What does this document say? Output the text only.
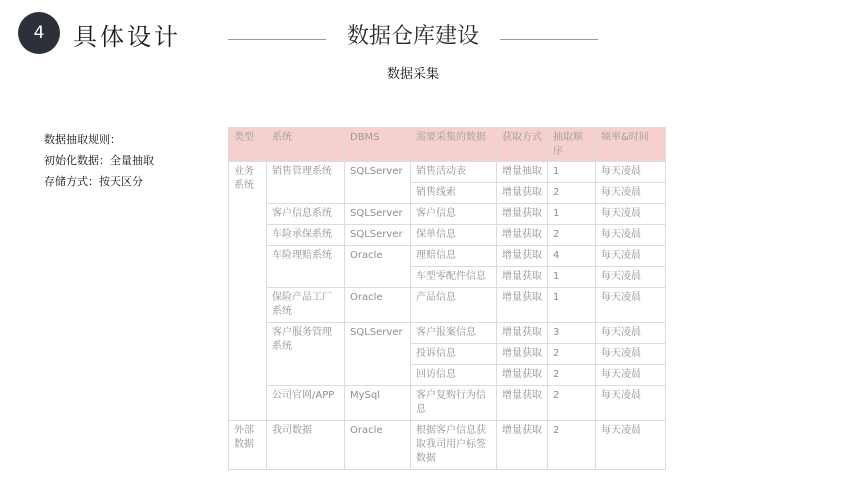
4	具体设计	数据仓库建设
数据采集
数据抽取规则：
初始化数据：全量抽取
存储方式：按天区分
类型	系统	DBMS	需要采集的数据	获取方式	抽取顺序	频率&时间
业务系统	销售管理系统	SQLServer	销售活动表	增量抽取	1	每天凌晨
			销售线索	增量获取	2	每天凌晨
	客户信息系统	SQLServer	客户信息	增量获取	1	每天凌晨
	车险承保系统	SQLServer	保单信息	增量获取	2	每天凌晨
	车险理赔系统	Oracle	理赔信息	增量获取	4	每天凌晨
			车型零配件信息	增量获取	1	每天凌晨
	保险产品工厂系统	Oracle	产品信息	增量获取	1	每天凌晨
	客户服务管理系统	SQLServer	客户报案信息	增量获取	3	每天凌晨
			投诉信息	增量获取	2	每天凌晨
			回访信息	增量获取	2	每天凌晨
	公司官网/APP	MySql	客户复购行为信息	增量获取	2	每天凌晨
外部数据	我司数据	Oracle	根据客户信息获取我司用户标签数据	增量获取	2	每天凌晨
